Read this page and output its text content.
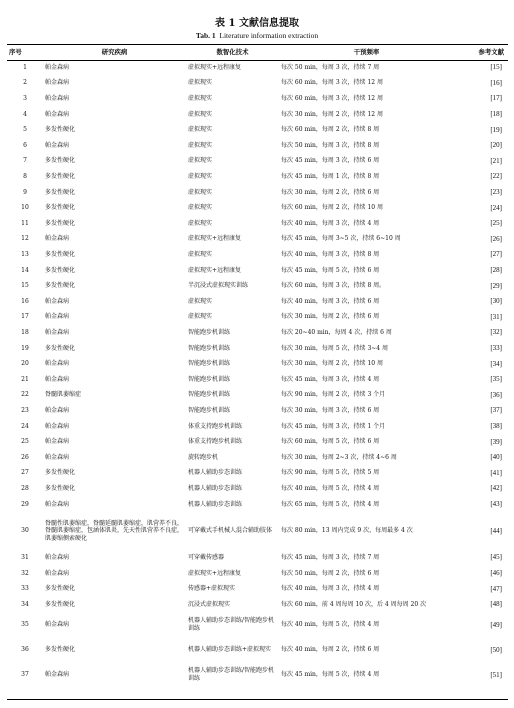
表 1 文献信息提取
Tab. 1 Literature information extraction
序号	研究疾病	数智化技术	干预频率	参考文献
1	帕金森病	虚拟现实+远程康复	每次 50 min，每周 3 次，持续 7 周	[15]
2	帕金森病	虚拟现实	每次 60 min，每周 3 次，持续 12 周	[16]
3	帕金森病	虚拟现实	每次 60 min，每周 3 次，持续 12 周	[17]
4	帕金森病	虚拟现实	每次 30 min，每周 2 次，持续 12 周	[18]
5	多发性硬化	虚拟现实	每次 60 min，每周 2 次，持续 8 周	[19]
6	帕金森病	虚拟现实	每次 50 min，每周 3 次，持续 8 周	[20]
7	多发性硬化	虚拟现实	每次 45 min，每周 3 次，持续 6 周	[21]
8	多发性硬化	虚拟现实	每次 45 min，每周 1 次，持续 8 周	[22]
9	多发性硬化	虚拟现实	每次 30 min，每周 2 次，持续 6 周	[23]
10	多发性硬化	虚拟现实	每次 60 min，每周 2 次，持续 10 周	[24]
11	多发性硬化	虚拟现实	每次 40 min，每周 3 次，持续 4 周	[25]
12	帕金森病	虚拟现实+远程康复	每次 45 min，每周 3~5 次，持续 6~10 周	[26]
13	多发性硬化	虚拟现实	每次 40 min，每周 3 次，持续 8 周	[27]
14	多发性硬化	虚拟现实+远程康复	每次 45 min，每周 5 次，持续 6 周	[28]
15	多发性硬化	半沉浸式虚拟现实训练	每次 60 min，每周 3 次，持续 8 周。	[29]
16	帕金森病	虚拟现实	每次 40 min，每周 3 次，持续 6 周	[30]
17	帕金森病	虚拟现实	每次 30 min，每周 2 次，持续 6 周	[31]
18	帕金森病	智能跑步机训练	每次 20~40 min，每周 4 次，持续 6 周	[32]
19	多发性硬化	智能跑步机训练	每次 30 min，每周 5 次，持续 3~4 周	[33]
20	帕金森病	智能跑步机训练	每次 30 min，每周 2 次，持续 10 周	[34]
21	帕金森病	智能跑步机训练	每次 45 min，每周 3 次，持续 4 周	[35]
22	脊髓肌萎缩症	智能跑步机训练	每次 90 min，每周 2 次，持续 3 个月	[36]
23	帕金森病	智能跑步机训练	每次 30 min，每周 3 次，持续 6 周	[37]
24	帕金森病	体重支持跑步机训练	每次 45 min，每周 3 次，持续 1 个月	[38]
25	帕金森病	体重支持跑步机训练	每次 60 min，每周 5 次，持续 6 周	[39]
26	帕金森病	旋转跑步机	每次 30 min，每周 2~3 次，持续 4~6 周	[40]
27	多发性硬化	机器人辅助步态训练	每次 90 min，每周 5 次，持续 5 周	[41]
28	多发性硬化	机器人辅助步态训练	每次 40 min，每周 5 次，持续 4 周	[42]
29	帕金森病	机器人辅助步态训练	每次 65 min，每周 5 次，持续 4 周	[43]
30	脊髓性肌萎缩症，脊髓延髓肌萎缩症，肌营养不良，脊髓肌萎缩症，包涵体肌炎，先天性肌营养不良症，肌萎缩侧索硬化	可穿戴式手机械人混合辅助肢体	每次 80 min，13 周内完成 9 次，每周最多 4 次	[44]
31	帕金森病	可穿戴传感器	每次 45 min，每周 3 次，持续 7 周	[45]
32	帕金森病	虚拟现实+远程康复	每次 50 min，每周 2 次，持续 6 周	[46]
33	多发性硬化	传感器+虚拟现实	每次 40 min，每周 3 次，持续 4 周	[47]
34	多发性硬化	沉浸式虚拟现实	每次 60 min，前 4 周每周 10 次，后 4 周每周 20 次	[48]
35	帕金森病	机器人辅助步态训练/智能跑步机训练	每次 40 min，每周 5 次，持续 4 周	[49]
36	多发性硬化	机器人辅助步态训练+虚拟现实	每次 40 min，每周 2 次，持续 6 周	[50]
37	帕金森病	机器人辅助步态训练/智能跑步机训练	每次 45 min，每周 5 次，持续 4 周	[51]
